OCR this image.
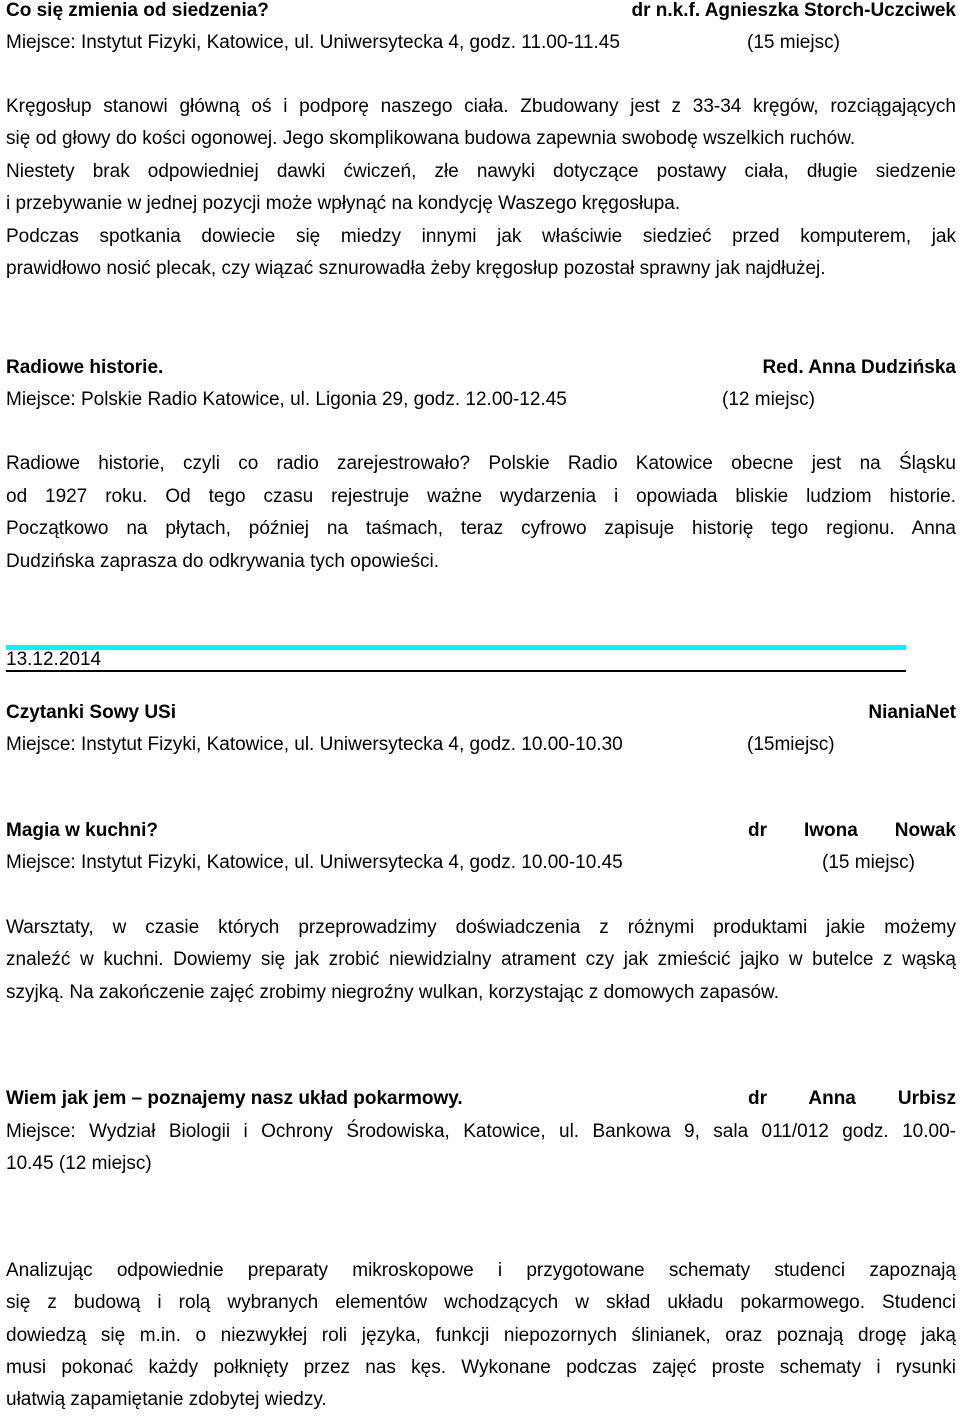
Co się zmienia od siedzenia?	dr n.k.f. Agnieszka Storch-Uczciwek
Miejsce: Instytut Fizyki, Katowice, ul. Uniwersytecka 4, godz. 11.00-11.45	(15 miejsc)
Kręgosłup stanowi główną oś i podporę naszego ciała. Zbudowany jest z 33-34 kręgów, rozciągających
się od głowy do kości ogonowej. Jego skomplikowana budowa zapewnia swobodę wszelkich ruchów.
Niestety brak odpowiedniej dawki ćwiczeń, złe nawyki dotyczące postawy ciała, długie siedzenie
i przebywanie w jednej pozycji może wpłynąć na kondycję Waszego kręgosłupa.
Podczas spotkania dowiecie się miedzy innymi jak właściwie siedzieć przed komputerem, jak
prawidłowo nosić plecak, czy wiązać sznurowadła żeby kręgosłup pozostał sprawny jak najdłużej.
Radiowe historie.	Red. Anna Dudzińska
Miejsce: Polskie Radio Katowice, ul. Ligonia 29, godz. 12.00-12.45	(12 miejsc)
Radiowe historie, czyli co radio zarejestrowało? Polskie Radio Katowice obecne jest na Śląsku
od 1927 roku. Od tego czasu rejestruje ważne wydarzenia i opowiada bliskie ludziom historie.
Początkowo na płytach, później na taśmach, teraz cyfrowo zapisuje historię tego regionu. Anna
Dudzińska zaprasza do odkrywania tych opowieści.
13.12.2014
Czytanki Sowy USi	NianiaNet
Miejsce: Instytut Fizyki, Katowice, ul. Uniwersytecka 4, godz. 10.00-10.30	(15miejsc)
Magia w kuchni?	dr Iwona Nowak
Miejsce: Instytut Fizyki, Katowice, ul. Uniwersytecka 4, godz. 10.00-10.45	(15 miejsc)
Warsztaty, w czasie których przeprowadzimy doświadczenia z różnymi produktami jakie możemy
znaleźć w kuchni. Dowiemy się jak zrobić niewidzialny atrament czy jak zmieścić jajko w butelce z wąską
szyjką. Na zakończenie zajęć zrobimy niegroźny wulkan, korzystając z domowych zapasów.
Wiem jak jem – poznajemy nasz układ pokarmowy.	dr Anna Urbisz
Miejsce: Wydział Biologii i Ochrony Środowiska, Katowice, ul. Bankowa 9, sala 011/012 godz. 10.00-
10.45 (12 miejsc)
Analizując odpowiednie preparaty mikroskopowe i przygotowane schematy studenci zapoznają
się z budową i rolą wybranych elementów wchodzących w skład układu pokarmowego. Studenci
dowiedzą się m.in. o niezwykłej roli języka, funkcji niepozornych ślinianek, oraz poznają drogę jaką
musi pokonać każdy połknięty przez nas kęs. Wykonane podczas zajęć proste schematy i rysunki
ułatwią zapamiętanie zdobytej wiedzy.
